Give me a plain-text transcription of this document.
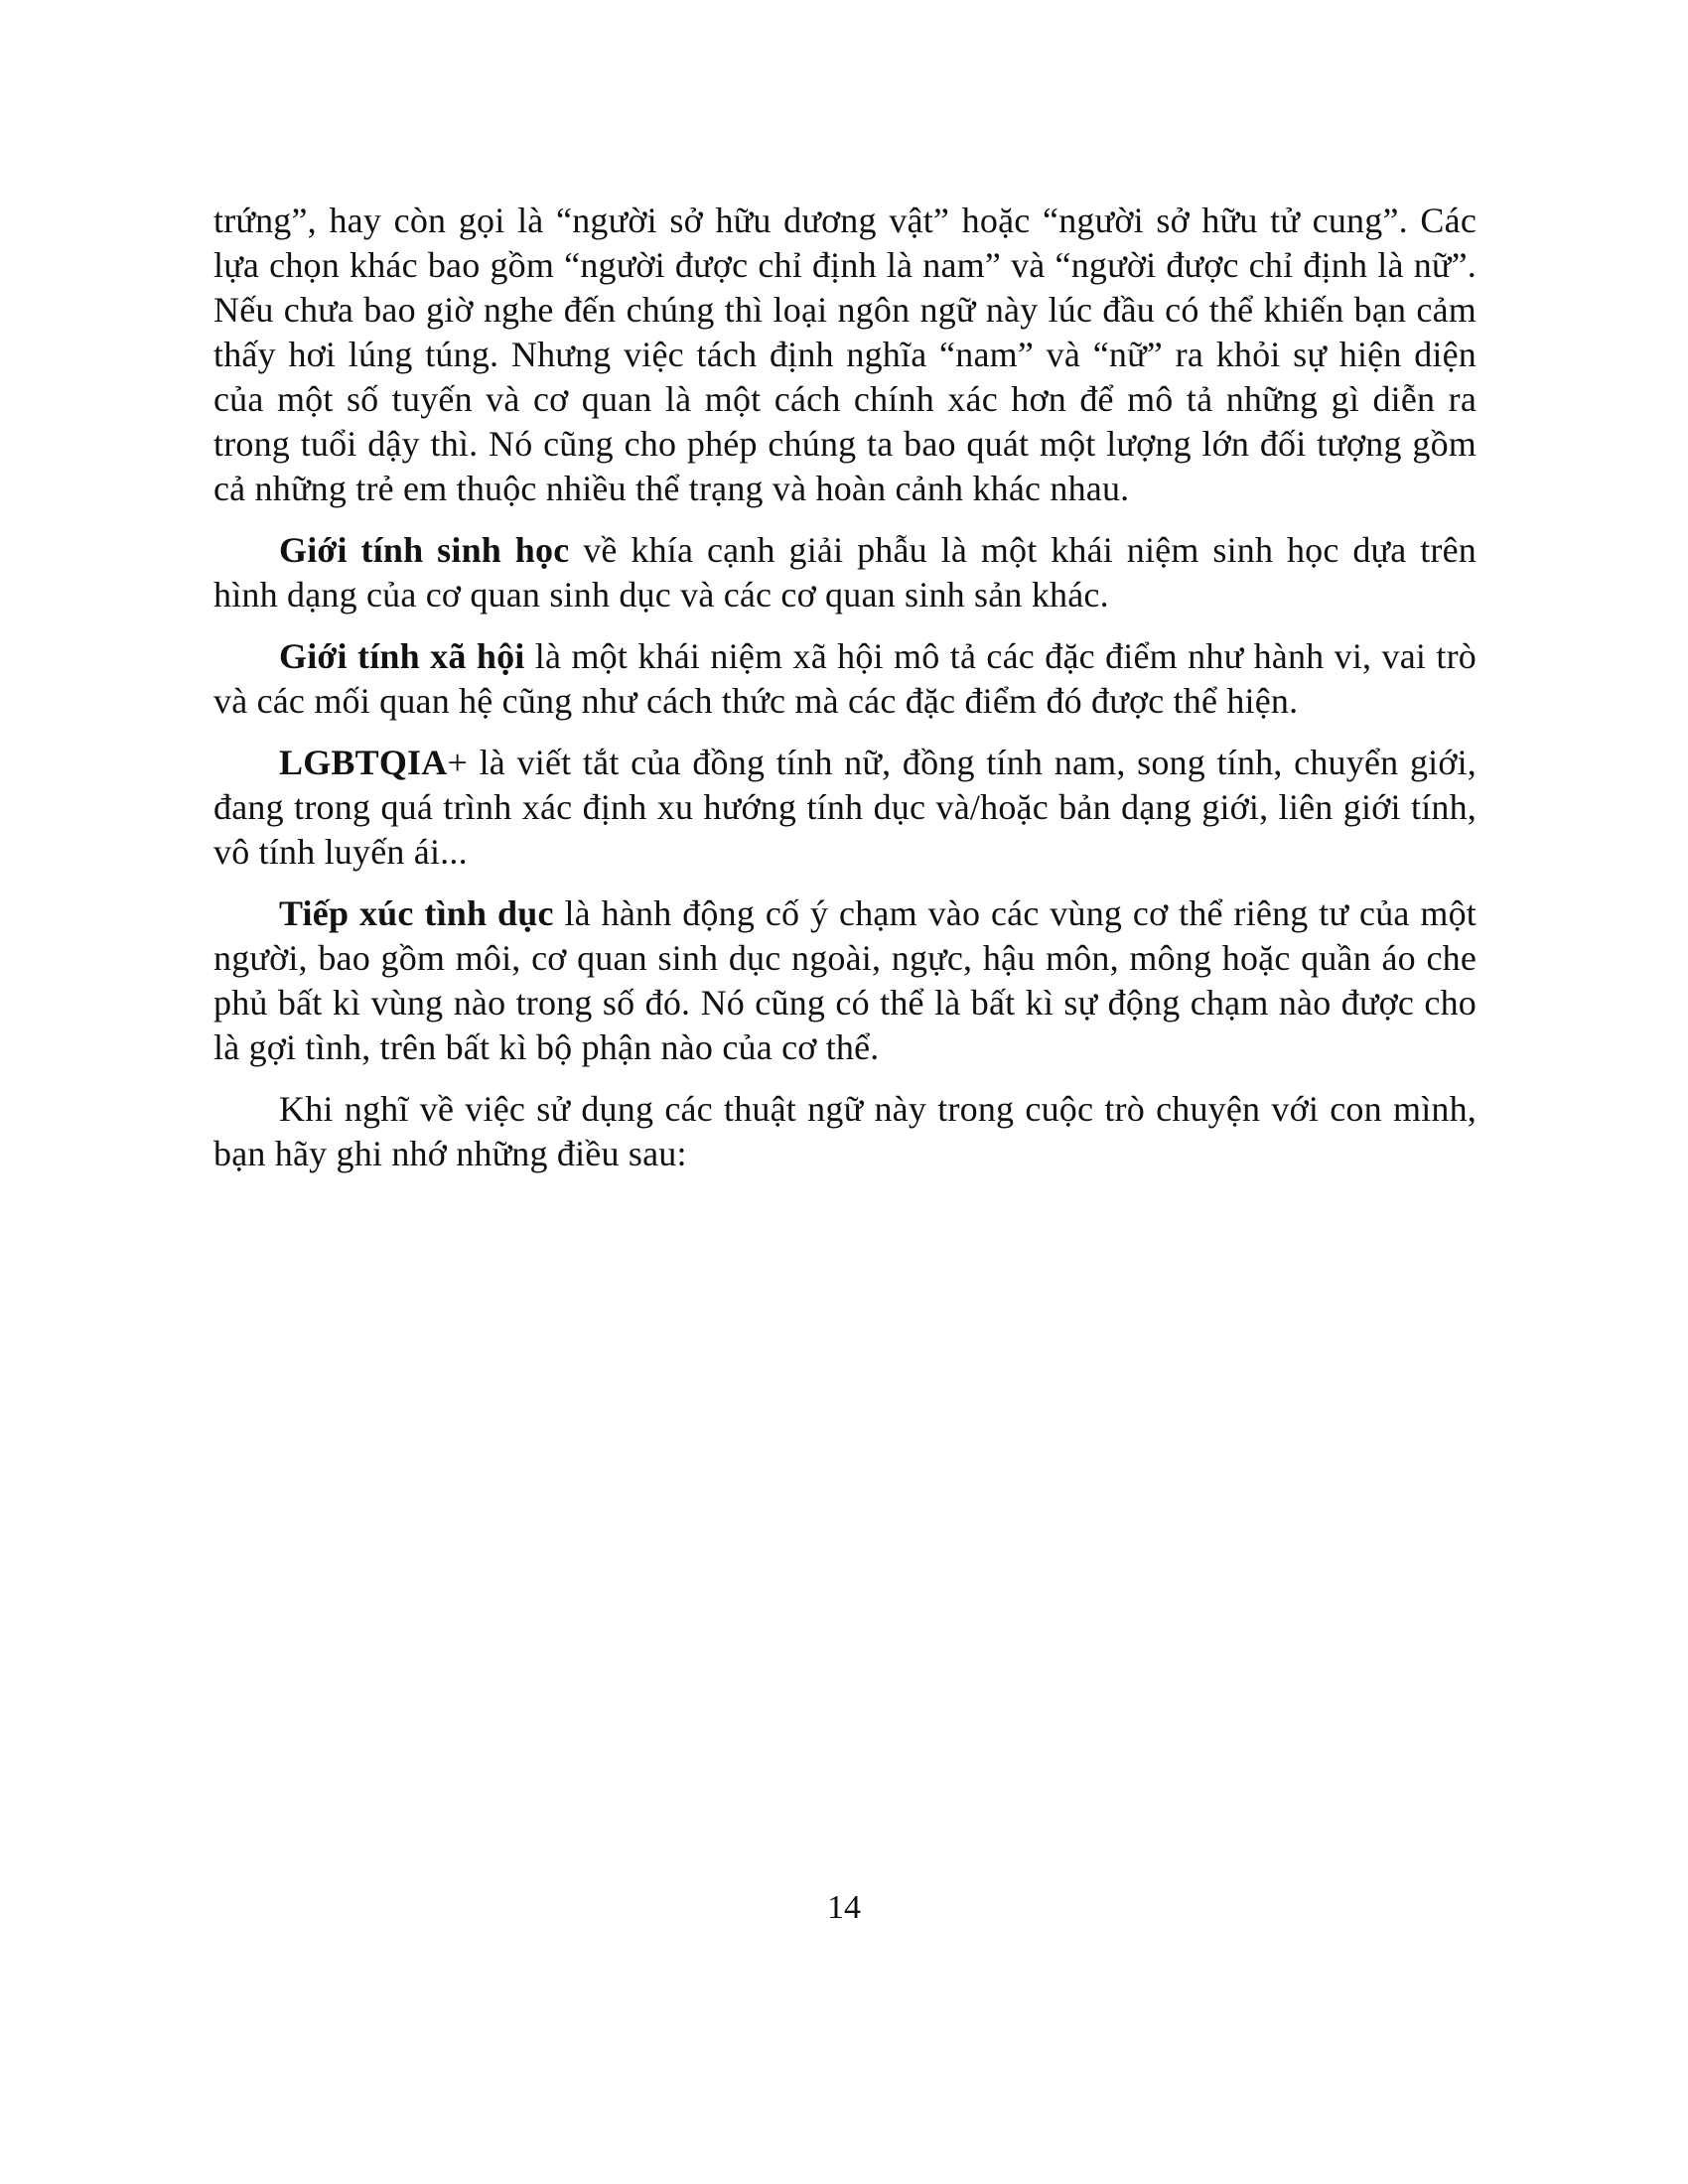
trứng”, hay còn gọi là “người sở hữu dương vật” hoặc “người sở hữu tử cung”. Các lựa chọn khác bao gồm “người được chỉ định là nam” và “người được chỉ định là nữ”. Nếu chưa bao giờ nghe đến chúng thì loại ngôn ngữ này lúc đầu có thể khiến bạn cảm thấy hơi lúng túng. Nhưng việc tách định nghĩa “nam” và “nữ” ra khỏi sự hiện diện của một số tuyến và cơ quan là một cách chính xác hơn để mô tả những gì diễn ra trong tuổi dậy thì. Nó cũng cho phép chúng ta bao quát một lượng lớn đối tượng gồm cả những trẻ em thuộc nhiều thể trạng và hoàn cảnh khác nhau.

Giới tính sinh học về khía cạnh giải phẫu là một khái niệm sinh học dựa trên hình dạng của cơ quan sinh dục và các cơ quan sinh sản khác.

Giới tính xã hội là một khái niệm xã hội mô tả các đặc điểm như hành vi, vai trò và các mối quan hệ cũng như cách thức mà các đặc điểm đó được thể hiện.

LGBTQIA+ là viết tắt của đồng tính nữ, đồng tính nam, song tính, chuyển giới, đang trong quá trình xác định xu hướng tính dục và/hoặc bản dạng giới, liên giới tính, vô tính luyến ái...

Tiếp xúc tình dục là hành động cố ý chạm vào các vùng cơ thể riêng tư của một người, bao gồm môi, cơ quan sinh dục ngoài, ngực, hậu môn, mông hoặc quần áo che phủ bất kì vùng nào trong số đó. Nó cũng có thể là bất kì sự động chạm nào được cho là gợi tình, trên bất kì bộ phận nào của cơ thể.

Khi nghĩ về việc sử dụng các thuật ngữ này trong cuộc trò chuyện với con mình, bạn hãy ghi nhớ những điều sau:

14
